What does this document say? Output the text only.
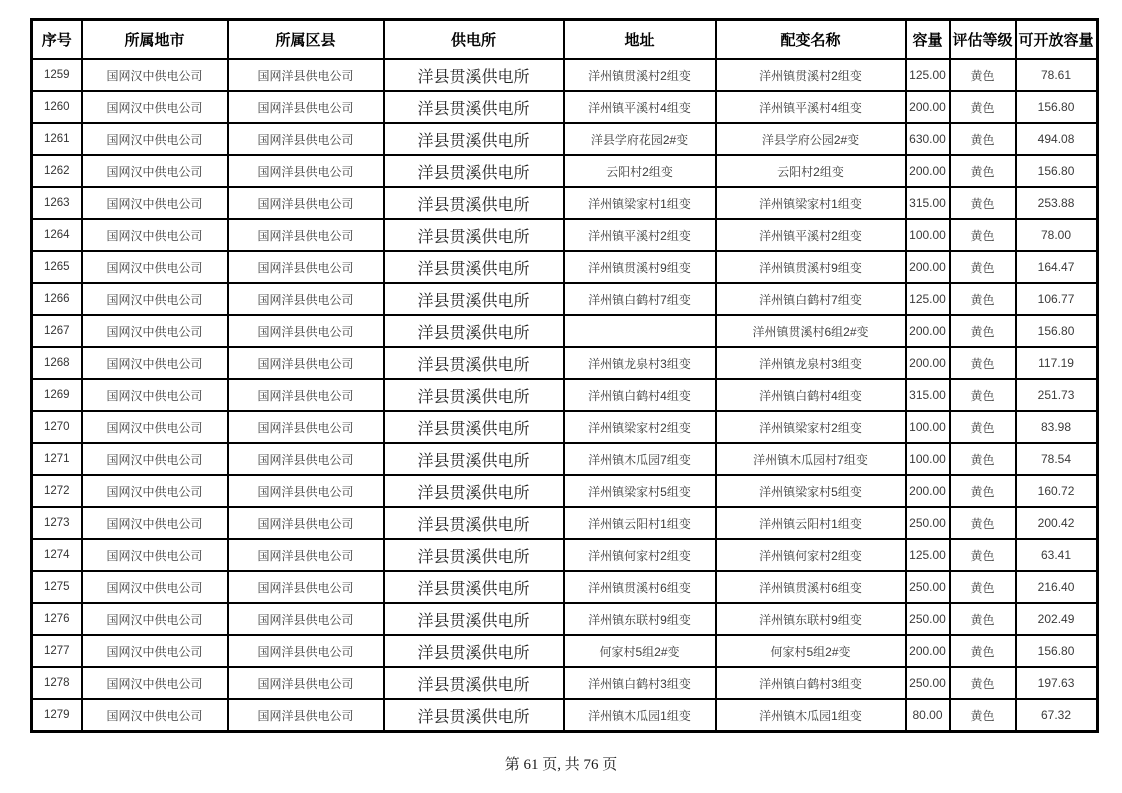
序号	所属地市	所属区县	供电所	地址	配变名称	容量	评估等级	可开放容量
1259	国网汉中供电公司	国网洋县供电公司	洋县贯溪供电所	洋州镇贯溪村2组变	洋州镇贯溪村2组变	125.00	黄色	78.61
1260	国网汉中供电公司	国网洋县供电公司	洋县贯溪供电所	洋州镇平溪村4组变	洋州镇平溪村4组变	200.00	黄色	156.80
1261	国网汉中供电公司	国网洋县供电公司	洋县贯溪供电所	洋县学府花园2#变	洋县学府公园2#变	630.00	黄色	494.08
1262	国网汉中供电公司	国网洋县供电公司	洋县贯溪供电所	云阳村2组变	云阳村2组变	200.00	黄色	156.80
1263	国网汉中供电公司	国网洋县供电公司	洋县贯溪供电所	洋州镇梁家村1组变	洋州镇梁家村1组变	315.00	黄色	253.88
1264	国网汉中供电公司	国网洋县供电公司	洋县贯溪供电所	洋州镇平溪村2组变	洋州镇平溪村2组变	100.00	黄色	78.00
1265	国网汉中供电公司	国网洋县供电公司	洋县贯溪供电所	洋州镇贯溪村9组变	洋州镇贯溪村9组变	200.00	黄色	164.47
1266	国网汉中供电公司	国网洋县供电公司	洋县贯溪供电所	洋州镇白鹤村7组变	洋州镇白鹤村7组变	125.00	黄色	106.77
1267	国网汉中供电公司	国网洋县供电公司	洋县贯溪供电所		洋州镇贯溪村6组2#变	200.00	黄色	156.80
1268	国网汉中供电公司	国网洋县供电公司	洋县贯溪供电所	洋州镇龙泉村3组变	洋州镇龙泉村3组变	200.00	黄色	117.19
1269	国网汉中供电公司	国网洋县供电公司	洋县贯溪供电所	洋州镇白鹤村4组变	洋州镇白鹤村4组变	315.00	黄色	251.73
1270	国网汉中供电公司	国网洋县供电公司	洋县贯溪供电所	洋州镇梁家村2组变	洋州镇梁家村2组变	100.00	黄色	83.98
1271	国网汉中供电公司	国网洋县供电公司	洋县贯溪供电所	洋州镇木瓜园7组变	洋州镇木瓜园村7组变	100.00	黄色	78.54
1272	国网汉中供电公司	国网洋县供电公司	洋县贯溪供电所	洋州镇梁家村5组变	洋州镇梁家村5组变	200.00	黄色	160.72
1273	国网汉中供电公司	国网洋县供电公司	洋县贯溪供电所	洋州镇云阳村1组变	洋州镇云阳村1组变	250.00	黄色	200.42
1274	国网汉中供电公司	国网洋县供电公司	洋县贯溪供电所	洋州镇何家村2组变	洋州镇何家村2组变	125.00	黄色	63.41
1275	国网汉中供电公司	国网洋县供电公司	洋县贯溪供电所	洋州镇贯溪村6组变	洋州镇贯溪村6组变	250.00	黄色	216.40
1276	国网汉中供电公司	国网洋县供电公司	洋县贯溪供电所	洋州镇东联村9组变	洋州镇东联村9组变	250.00	黄色	202.49
1277	国网汉中供电公司	国网洋县供电公司	洋县贯溪供电所	何家村5组2#变	何家村5组2#变	200.00	黄色	156.80
1278	国网汉中供电公司	国网洋县供电公司	洋县贯溪供电所	洋州镇白鹤村3组变	洋州镇白鹤村3组变	250.00	黄色	197.63
1279	国网汉中供电公司	国网洋县供电公司	洋县贯溪供电所	洋州镇木瓜园1组变	洋州镇木瓜园1组变	80.00	黄色	67.32
第 61 页, 共 76 页
